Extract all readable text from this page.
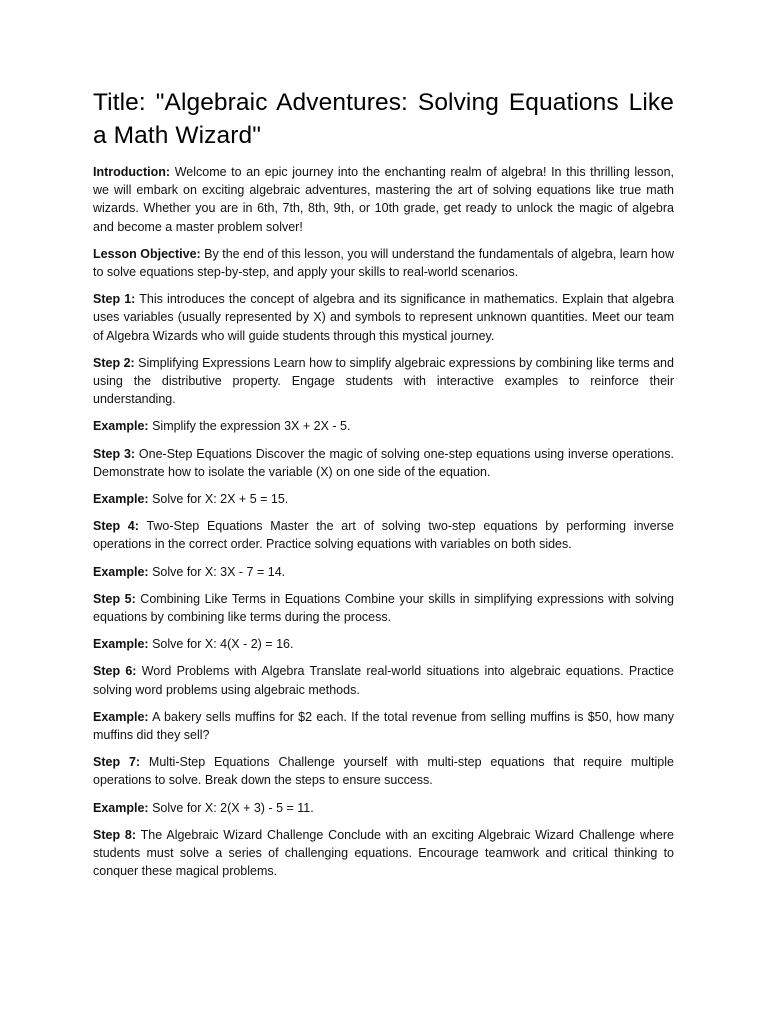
Title: "Algebraic Adventures: Solving Equations Like a Math Wizard"

Introduction: Welcome to an epic journey into the enchanting realm of algebra! In this thrilling lesson, we will embark on exciting algebraic adventures, mastering the art of solving equations like true math wizards. Whether you are in 6th, 7th, 8th, 9th, or 10th grade, get ready to unlock the magic of algebra and become a master problem solver!

Lesson Objective: By the end of this lesson, you will understand the fundamentals of algebra, learn how to solve equations step-by-step, and apply your skills to real-world scenarios.

Step 1: This introduces the concept of algebra and its significance in mathematics. Explain that algebra uses variables (usually represented by X) and symbols to represent unknown quantities. Meet our team of Algebra Wizards who will guide students through this mystical journey.

Step 2: Simplifying Expressions Learn how to simplify algebraic expressions by combining like terms and using the distributive property. Engage students with interactive examples to reinforce their understanding.

Example: Simplify the expression 3X + 2X - 5.

Step 3: One-Step Equations Discover the magic of solving one-step equations using inverse operations. Demonstrate how to isolate the variable (X) on one side of the equation.

Example: Solve for X: 2X + 5 = 15.

Step 4: Two-Step Equations Master the art of solving two-step equations by performing inverse operations in the correct order. Practice solving equations with variables on both sides.

Example: Solve for X: 3X - 7 = 14.

Step 5: Combining Like Terms in Equations Combine your skills in simplifying expressions with solving equations by combining like terms during the process.

Example: Solve for X: 4(X - 2) = 16.

Step 6: Word Problems with Algebra Translate real-world situations into algebraic equations. Practice solving word problems using algebraic methods.

Example: A bakery sells muffins for $2 each. If the total revenue from selling muffins is $50, how many muffins did they sell?

Step 7: Multi-Step Equations Challenge yourself with multi-step equations that require multiple operations to solve. Break down the steps to ensure success.

Example: Solve for X: 2(X + 3) - 5 = 11.

Step 8: The Algebraic Wizard Challenge Conclude with an exciting Algebraic Wizard Challenge where students must solve a series of challenging equations. Encourage teamwork and critical thinking to conquer these magical problems.
